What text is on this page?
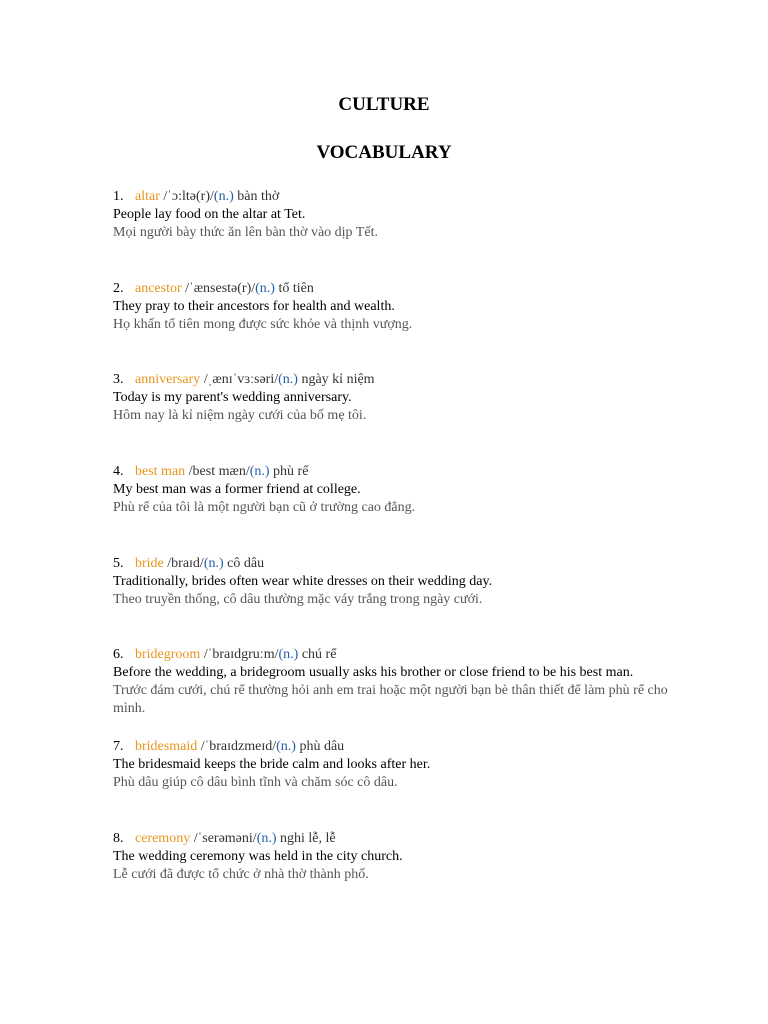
CULTURE
VOCABULARY
1. altar /ˈɔ:ltə(r)/(n.) bàn thờ
People lay food on the altar at Tet.
Mọi người bày thức ăn lên bàn thờ vào dịp Tết.
2. ancestor /ˈænsestə(r)/(n.) tổ tiên
They pray to their ancestors for health and wealth.
Họ khấn tổ tiên mong được sức khỏe và thịnh vượng.
3. anniversary /ˌænɪˈvɜːsəri/(n.) ngày kỉ niệm
Today is my parent's wedding anniversary.
Hôm nay là kỉ niệm ngày cưới của bố mẹ tôi.
4. best man /best mæn/(n.) phù rể
My best man was a former friend at college.
Phù rể của tôi là một người bạn cũ ở trường cao đẳng.
5. bride /braɪd/(n.) cô dâu
Traditionally, brides often wear white dresses on their wedding day.
Theo truyền thống, cô dâu thường mặc váy trắng trong ngày cưới.
6. bridegroom /ˈbraɪdgruːm/(n.) chú rể
Before the wedding, a bridegroom usually asks his brother or close friend to be his best man.
Trước đám cưới, chú rể thường hỏi anh em trai hoặc một người bạn bè thân thiết để làm phù rể cho mình.
7. bridesmaid /ˈbraɪdzmeɪd/(n.) phù dâu
The bridesmaid keeps the bride calm and looks after her.
Phù dâu giúp cô dâu bình tĩnh và chăm sóc cô dâu.
8. ceremony /ˈserəməni/(n.) nghi lễ, lễ
The wedding ceremony was held in the city church.
Lễ cưới đã được tổ chức ở nhà thờ thành phố.
